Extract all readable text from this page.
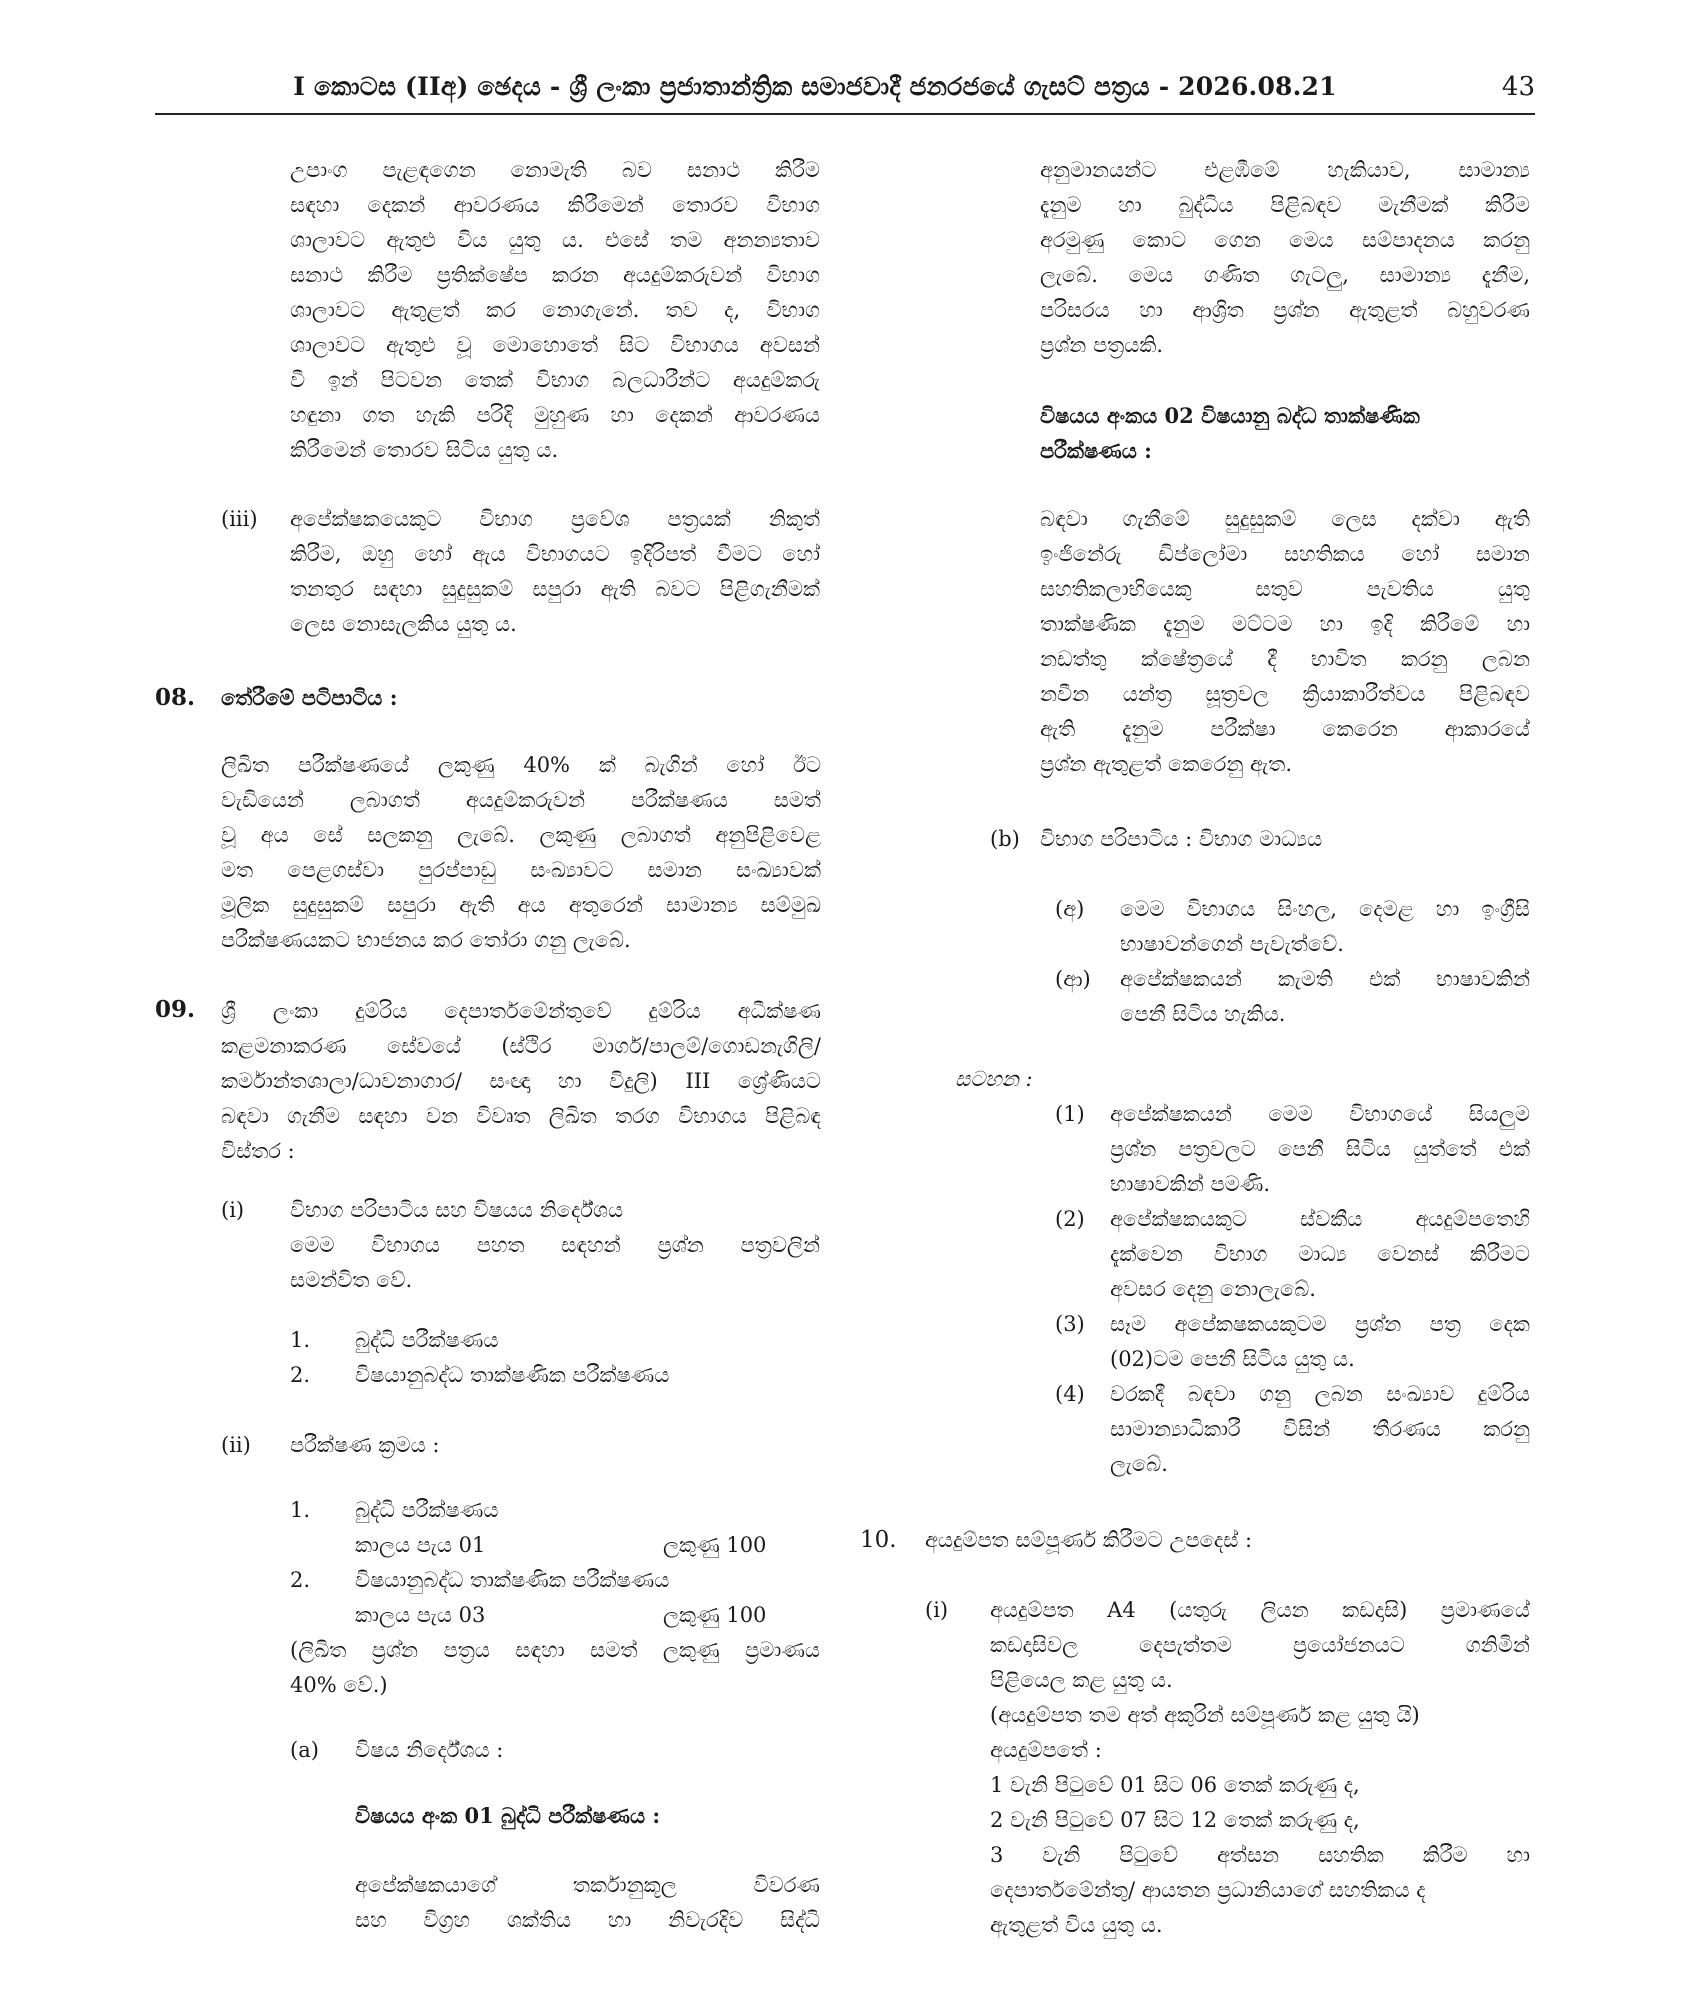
I කොටස (IIඅ) ඡෙදය - ශ්‍රී ලංකා ප්‍රජාතාන්ත්‍රික සමාජවාදී ජනරජයේ ගැසට් පත්‍රය - 2026.08.21	43
උපාංග පැළඳගෙන නොමැති බව සනාථ කිරීම
සඳහා දෙකන් ආවරණය කිරීමෙන් තොරව විභාග
ශාලාවට ඇතුළු විය යුතු ය. එසේ තම අනන්‍යතාව
සනාථ කිරීම ප්‍රතික්ෂේප කරන අයදුම්කරුවන් විභාග
ශාලාවට ඇතුළත් කර නොගැනේ. තව ද, විභාග
ශාලාවට ඇතුළු වූ මොහොතේ සිට විභාගය අවසන්
වී ඉන් පිටවන තෙක් විභාග බලධාරීන්ට අයදුම්කරු
හඳුනා ගත හැකි පරිදි මුහුණ හා දෙකන් ආවරණය
කිරීමෙන් තොරව සිටිය යුතු ය.
(iii) අපේක්ෂකයෙකුට විභාග ප්‍රවේශ පත්‍රයක් නිකුත්
කිරීම, ඔහු හෝ ඇය විභාගයට ඉදිරිපත් වීමට හෝ
තනතුර සඳහා සුදුසුකම් සපුරා ඇති බවට පිළිගැනීමක්
ලෙස නොසැලකිය යුතු ය.
08. තේරීමේ පටිපාටිය :
ලිඛිත පරීක්ෂණයේ ලකුණු 40% ක් බැගින් හෝ ඊට
වැඩියෙන් ලබාගත් අයදුම්කරුවන් පරීක්ෂණය සමත්
වූ අය සේ සලකනු ලැබේ. ලකුණු ලබාගත් අනුපිළිවෙළ
මත පෙළගස්වා පුරප්පාඩු සංඛ්‍යාවට සමාන සංඛ්‍යාවක්
මූලික සුදුසුකම් සපුරා ඇති අය අතුරෙන් සාමාන්‍ය සම්මුඛ
පරීක්ෂණයකට භාජනය කර තෝරා ගනු ලැබේ.
09. ශ්‍රී ලංකා දුම්රිය දෙපාර්තමේන්තුවේ දුම්රිය අධීක්ෂණ
කළමනාකරණ සේවයේ (ස්ථිර මාර්ග/පාලම්/ගොඩනැගිලි/
කර්මාන්තශාලා/ධාවනාගාර/ සංඥා හා විදුලි) III ශ්‍රේණියට
බඳවා ගැනීම සඳහා වන විවෘත ලිඛිත තරග විභාගය පිළිබඳ
විස්තර :
(i) විභාග පරිපාටිය සහ විෂයය නිර්දේශය
මෙම විභාගය පහත සඳහන් ප්‍රශ්න පත්‍රවලින්
සමන්විත වේ.
1. බුද්ධි පරීක්ෂණය
2. විෂයානුබද්ධ තාක්ෂණික පරීක්ෂණය
(ii) පරීක්ෂණ ක්‍රමය :
1. බුද්ධි පරීක්ෂණය
කාලය පැය 01	ලකුණු 100
2. විෂයානුබද්ධ තාක්ෂණික පරීක්ෂණය
කාලය පැය 03	ලකුණු 100
(ලිඛිත ප්‍රශ්න පත්‍රය සඳහා සමත් ලකුණු ප්‍රමාණය
40% වේ.)
(a) විෂය නිර්දේශය :
විෂයය අංක 01 බුද්ධි පරීක්ෂණය :
අපේක්ෂකයාගේ තර්කානුකූල විවරණ
සහ විග්‍රහ ශක්තිය හා නිවැරදිව සිද්ධි
අනුමානයන්ට එළඹීමේ හැකියාව, සාමාන්‍ය
දැනුම හා බුද්ධිය පිළිබඳව මැනීමක් කිරීම
අරමුණු කොට ගෙන මෙය සම්පාදනය කරනු
ලැබේ. මෙය ගණිත ගැටලු, සාමාන්‍ය දැනීම,
පරිසරය හා ආශ්‍රිත ප්‍රශ්න ඇතුළත් බහුවරණ
ප්‍රශ්න පත්‍රයකි.
විෂයය අංකය 02 විෂයානු බද්ධ තාක්ෂණික
පරීක්ෂණය :
බඳවා ගැනීමේ සුදුසුකම් ලෙස දක්වා ඇති
ඉංජිනේරු ඩිප්ලෝමා සහතිකය හෝ සමාන
සහතිකලාභියෙකු සතුව පැවතිය යුතු
තාක්ෂණික දැනුම මට්ටම හා ඉදි කිරීමේ හා
නඩත්තු ක්ෂේත්‍රයේ දී භාවිත කරනු ලබන
නවීන යන්ත්‍ර සූත්‍රවල ක්‍රියාකාරීත්වය පිළිබඳව
ඇති දැනුම පරීක්ෂා කෙරෙන ආකාරයේ
ප්‍රශ්න ඇතුළත් කෙරෙනු ඇත.
(b) විභාග පරිපාටිය : විභාග මාධ්‍යය
(අ) මෙම විභාගය සිංහල, දෙමළ හා ඉංග්‍රීසි
භාෂාවන්ගෙන් පැවැත්වේ.
(ආ) අපේක්ෂකයන් කැමති එක් භාෂාවකින්
පෙනී සිටිය හැකිය.
සටහන :
(1) අපේක්ෂකයන් මෙම විභාගයේ සියලුම
ප්‍රශ්න පත්‍රවලට පෙනී සිටිය යුත්තේ එක්
භාෂාවකින් පමණි.
(2) අපේක්ෂකයකුට ස්වකීය අයදුම්පතෙහි
දැක්වෙන විභාග මාධ්‍ය වෙනස් කිරීමට
අවසර දෙනු නොලැබේ.
(3) සෑම අපේකෂකයකුටම ප්‍රශ්න පත්‍ර දෙක
(02)ටම පෙනී සිටිය යුතු ය.
(4) වරකදී බඳවා ගනු ලබන සංඛ්‍යාව දුම්රිය
සාමාන්‍යාධිකාරී විසින් තීරණය කරනු
ලැබේ.
10. අයදුම්පත සම්පූර්ණ කිරීමට උපදෙස් :
(i) අයදුම්පත A4 (යතුරු ලියන කඩදාසි) ප්‍රමාණයේ
කඩදාසිවල දෙපැත්තම ප්‍රයෝජනයට ගනිමින්
පිළියෙල කළ යුතු ය.
(අයදුම්පත තම අත් අකුරින් සම්පූර්ණ කළ යුතු යි)
අයදුම්පතේ :
1 වැනි පිටුවේ 01 සිට 06 තෙක් කරුණු ද,
2 වැනි පිටුවේ 07 සිට 12 තෙක් කරුණු ද,
3 වැනි පිටුවේ අත්සන සහතික කිරීම හා
දෙපාර්තමේන්තු/ ආයතන ප්‍රධානියාගේ සහතිකය ද
ඇතුළත් විය යුතු ය.
